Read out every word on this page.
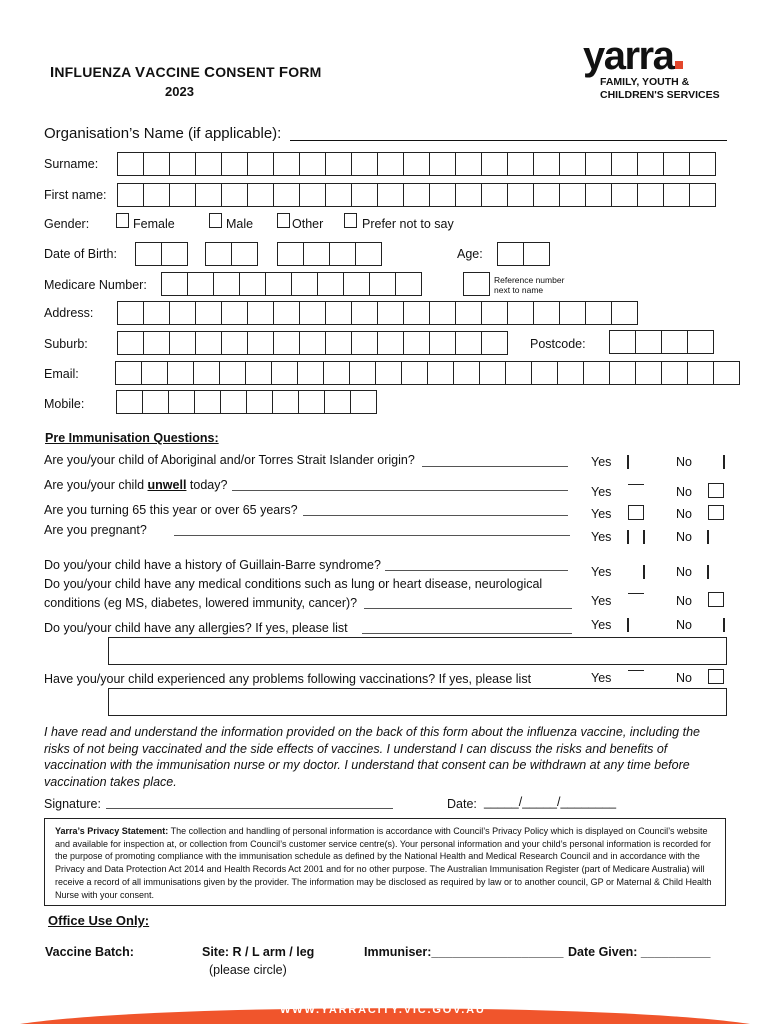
INFLUENZA VACCINE CONSENT FORM
2023
yarra
FAMILY, YOUTH &
CHILDREN'S SERVICES
Organisation’s Name (if applicable):
Surname:
First name:
Gender:	Female	Male	Other	Prefer not to say
Date of Birth:	Age:
Medicare Number:	Reference number
next to name
Address:
Suburb:	Postcode:
Email:
Mobile:
Pre Immunisation Questions:
Are you/your child of Aboriginal and/or Torres Strait Islander origin?	Yes	No
Are you/your child unwell today?	Yes	No
Are you turning 65 this year or over 65 years?	Yes	No
Are you pregnant?	Yes	No
Do you/your child have a history of Guillain-Barre syndrome?	Yes	No
Do you/your child have any medical conditions such as lung or heart disease, neurological
conditions (eg MS, diabetes, lowered immunity, cancer)?	Yes	No
Do you/your child have any allergies? If yes, please list	Yes	No
Have you/your child experienced any problems following vaccinations? If yes, please list	Yes	No
I have read and understand the information provided on the back of this form about the influenza vaccine, including the risks of not being vaccinated and the side effects of vaccines. I understand I can discuss the risks and benefits of vaccination with the immunisation nurse or my doctor. I understand that consent can be withdrawn at any time before vaccination takes place.
Signature:	Date: _____/_____/________
Yarra’s Privacy Statement: The collection and handling of personal information is accordance with Council’s Privacy Policy which is displayed on Council’s website and available for inspection at, or collection from Council’s customer service centre(s). Your personal information and your child’s personal information is recorded for the purpose of promoting compliance with the immunisation schedule as defined by the National Health and Medical Research Council and in accordance with the Privacy and Data Protection Act 2014 and Health Records Act 2001 and for no other purpose. The Australian Immunisation Register (part of Medicare Australia) will receive a record of all immunisations given by the provider. The information may be disclosed as required by law or to another council, GP or Maternal & Child Health Nurse with your consent.
Office Use Only:
Vaccine Batch:	Site: R / L arm / leg
(please circle)
Immuniser:___________________ Date Given: __________
WWW.YARRACITY.VIC.GOV.AU
